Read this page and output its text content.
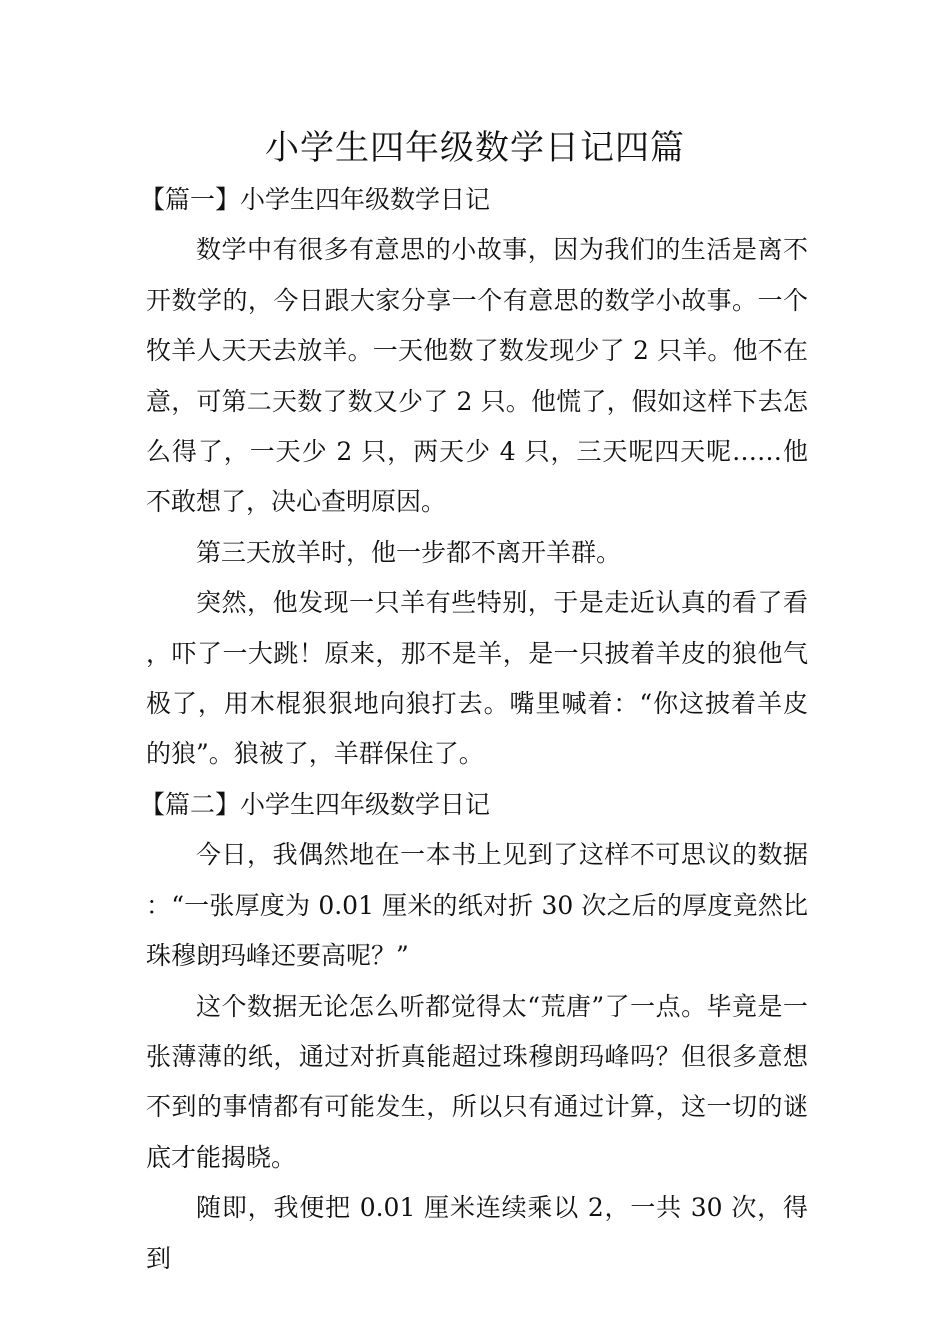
小学生四年级数学日记四篇

【篇一】小学生四年级数学日记

数学中有很多有意思的小故事，因为我们的生活是离不开数学的，今日跟大家分享一个有意思的数学小故事。一个牧羊人天天去放羊。一天他数了数发现少了 2 只羊。他不在意，可第二天数了数又少了 2 只。他慌了，假如这样下去怎么得了，一天少 2 只，两天少 4 只，三天呢四天呢……他不敢想了，决心查明原因。

第三天放羊时，他一步都不离开羊群。

突然，他发现一只羊有些特别，于是走近认真的看了看，吓了一大跳！原来，那不是羊，是一只披着羊皮的狼他气极了，用木棍狠狠地向狼打去。嘴里喊着：“你这披着羊皮的狼”。狼被了，羊群保住了。

【篇二】小学生四年级数学日记

今日，我偶然地在一本书上见到了这样不可思议的数据：“一张厚度为 0.01 厘米的纸对折 30 次之后的厚度竟然比珠穆朗玛峰还要高呢？”

这个数据无论怎么听都觉得太“荒唐”了一点。毕竟是一张薄薄的纸，通过对折真能超过珠穆朗玛峰吗？但很多意想不到的事情都有可能发生，所以只有通过计算，这一切的谜底才能揭晓。

随即，我便把 0.01 厘米连续乘以 2，一共 30 次，得到
